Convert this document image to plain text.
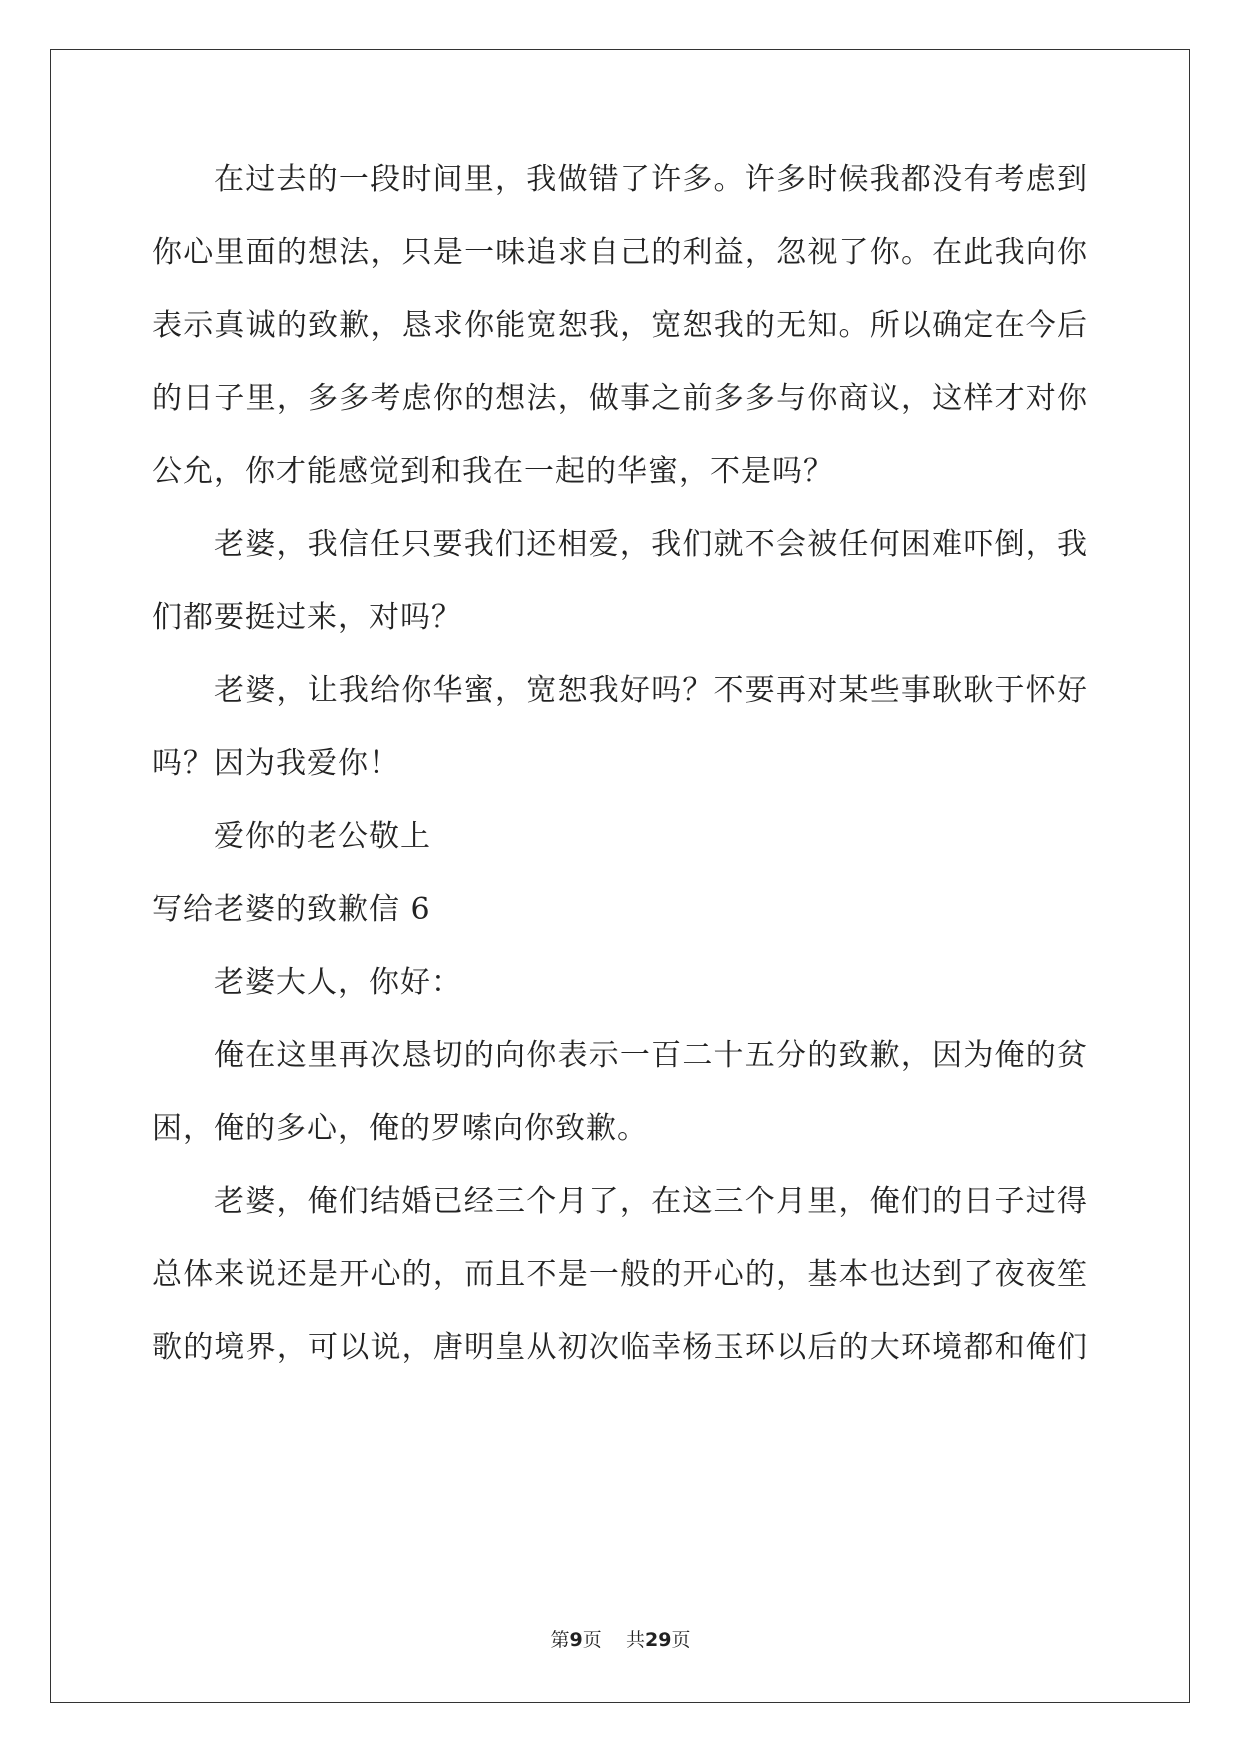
在过去的一段时间里，我做错了许多。许多时候我都没有考虑到
你心里面的想法，只是一味追求自己的利益，忽视了你。在此我向你
表示真诚的致歉，恳求你能宽恕我，宽恕我的无知。所以确定在今后
的日子里，多多考虑你的想法，做事之前多多与你商议，这样才对你
公允，你才能感觉到和我在一起的华蜜，不是吗？
老婆，我信任只要我们还相爱，我们就不会被任何困难吓倒，我
们都要挺过来，对吗？
老婆，让我给你华蜜，宽恕我好吗？不要再对某些事耿耿于怀好
吗？因为我爱你！
爱你的老公敬上
写给老婆的致歉信 6
老婆大人，你好：
俺在这里再次恳切的向你表示一百二十五分的致歉，因为俺的贫
困，俺的多心，俺的罗嗦向你致歉。
老婆，俺们结婚已经三个月了，在这三个月里，俺们的日子过得
总体来说还是开心的，而且不是一般的开心的，基本也达到了夜夜笙
歌的境界，可以说，唐明皇从初次临幸杨玉环以后的大环境都和俺们
第9页 共29页
